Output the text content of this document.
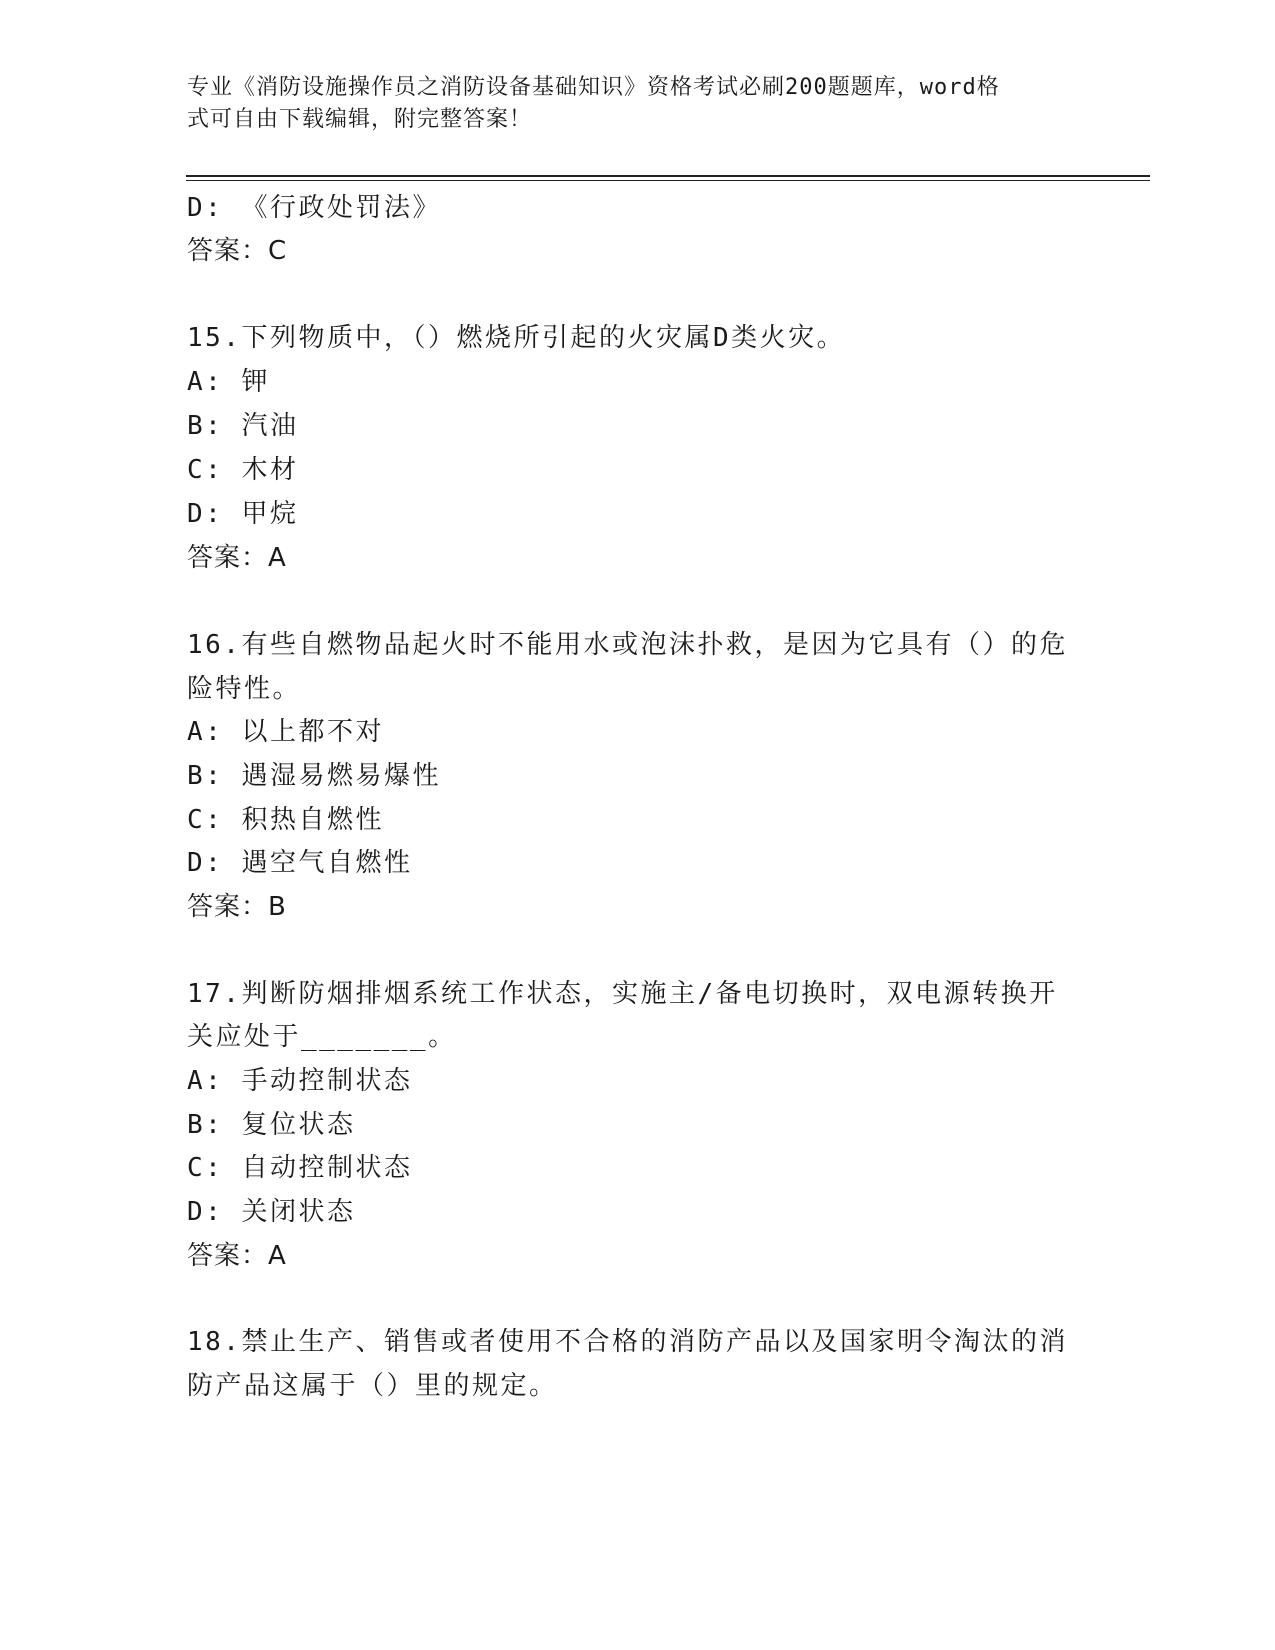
专业《消防设施操作员之消防设备基础知识》资格考试必刷200题题库，word格
式可自由下载编辑，附完整答案！
D: 《行政处罚法》
答案：C
15.下列物质中，（）燃烧所引起的火灾属D类火灾。
A: 钾
B: 汽油
C: 木材
D: 甲烷
答案：A
16.有些自燃物品起火时不能用水或泡沫扑救，是因为它具有（）的危
险特性。
A: 以上都不对
B: 遇湿易燃易爆性
C: 积热自燃性
D: 遇空气自燃性
答案：B
17.判断防烟排烟系统工作状态，实施主/备电切换时，双电源转换开
关应处于_______。
A: 手动控制状态
B: 复位状态
C: 自动控制状态
D: 关闭状态
答案：A
18.禁止生产、销售或者使用不合格的消防产品以及国家明令淘汰的消
防产品这属于（）里的规定。
